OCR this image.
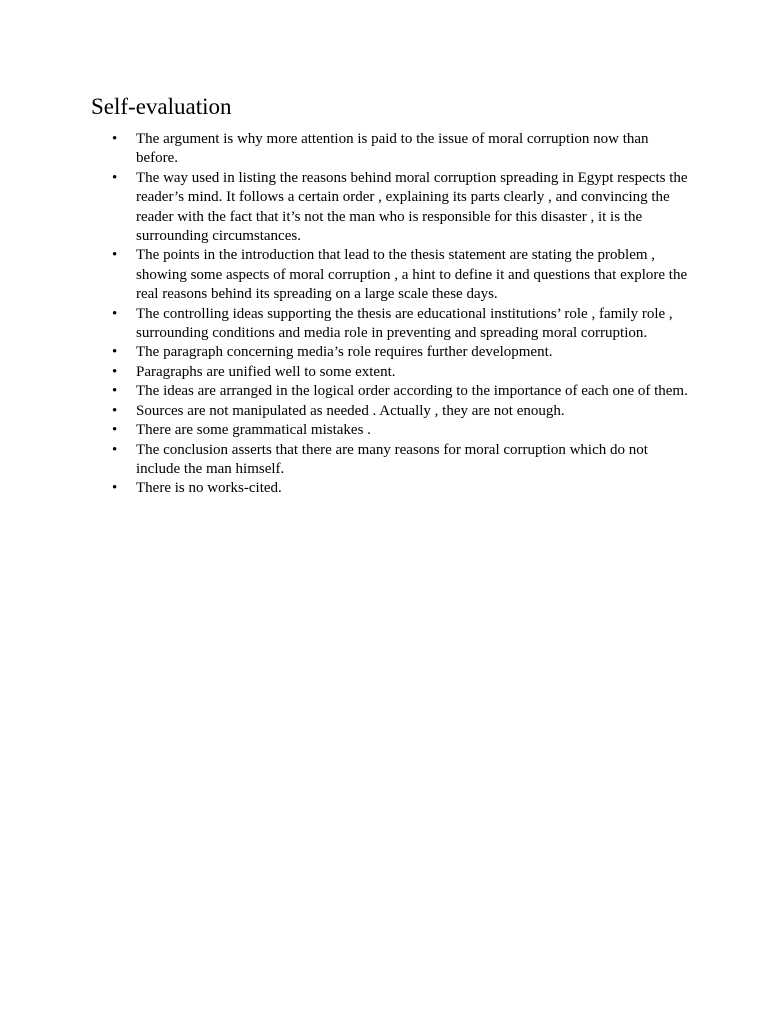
Self-evaluation
• The argument is why more attention is paid to the issue of moral corruption now than before.
• The way used in listing the reasons behind moral corruption spreading in Egypt respects the reader’s mind. It follows a certain order , explaining its parts clearly , and convincing the reader with the fact that it’s not the man who is responsible for this disaster , it is the surrounding circumstances.
• The points in the introduction that lead to the thesis statement are stating the problem , showing some aspects of moral corruption , a hint to define it and questions that explore the real reasons behind its spreading on a large scale these days.
• The controlling ideas supporting the thesis are educational institutions’ role , family role , surrounding conditions and media role in preventing and spreading moral corruption.
• The paragraph concerning media’s role requires further development.
• Paragraphs are unified well to some extent.
• The ideas are arranged in the logical order according to the importance of each one of them.
• Sources are not manipulated as needed . Actually , they are not enough.
• There are some grammatical mistakes .
• The conclusion asserts that there are many reasons for moral corruption which do not include the man himself.
• There is no works-cited.
